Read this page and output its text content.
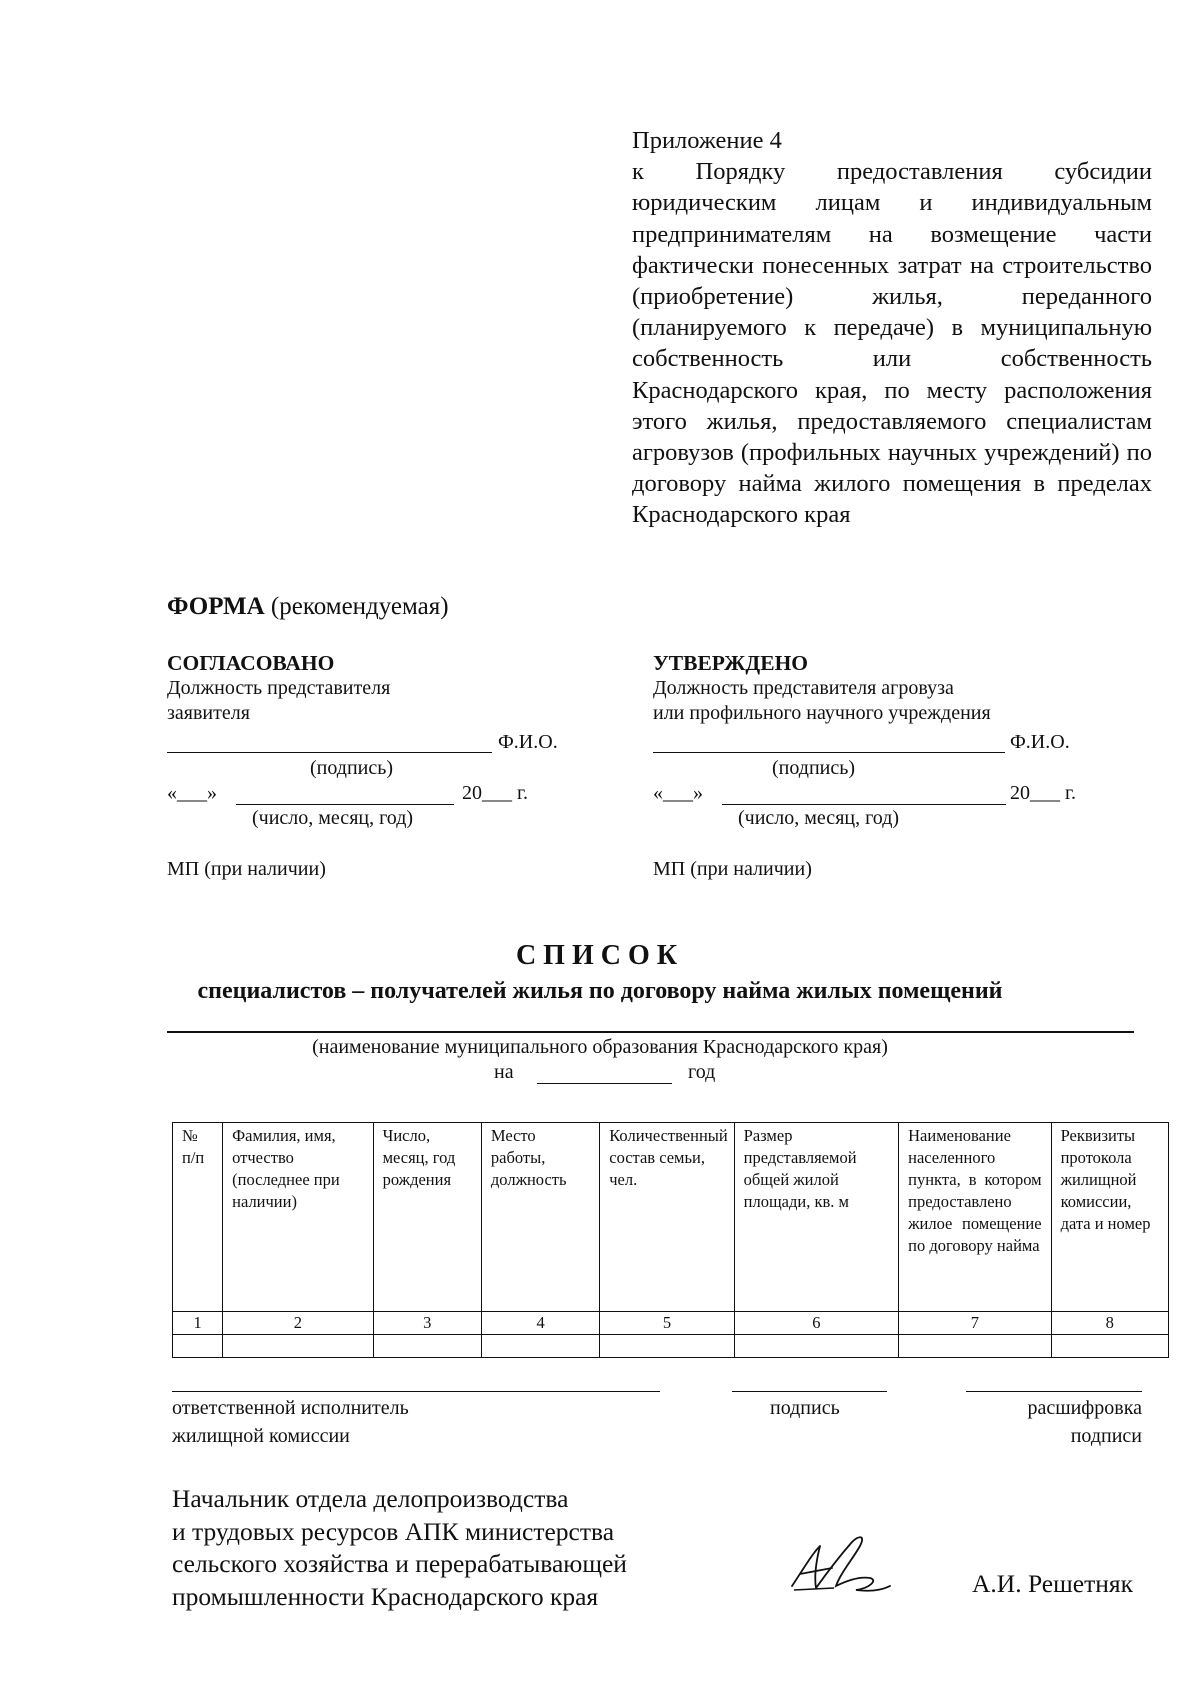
Приложение 4
к Порядку предоставления субсидии юридическим лицам и индивидуальным предпринимателям на возмещение части фактически понесенных затрат на строительство (приобретение) жилья, переданного (планируемого к передаче) в муниципальную собственность или собственность Краснодарского края, по месту расположения этого жилья, предоставляемого специалистам агровузов (профильных научных учреждений) по договору найма жилого помещения в пределах Краснодарского края
ФОРМА (рекомендуемая)
СОГЛАСОВАНО
Должность представителя
заявителя
Ф.И.О.
(подпись)
«___»	20___ г.
(число, месяц, год)
МП (при наличии)
УТВЕРЖДЕНО
Должность представителя агровуза
или профильного научного учреждения
Ф.И.О.
(подпись)
«___»	20___ г.
(число, месяц, год)
МП (при наличии)
СПИСОК
специалистов – получателей жилья по договору найма жилых помещений
(наименование муниципального образования Краснодарского края)
на	год
№ п/п	Фамилия, имя, отчество (последнее при наличии)	Число, месяц, год рождения	Место работы, должность	Количественный состав семьи, чел.	Размер представляемой общей жилой площади, кв. м	Наименование населенного пункта, в котором предоставлено жилое помещение по договору найма	Реквизиты протокола жилищной комиссии, дата и номер
1	2	3	4	5	6	7	8

ответственной исполнитель
жилищной комиссии
подпись	расшифровка
подписи
Начальник отдела делопроизводства
и трудовых ресурсов АПК министерства
сельского хозяйства и перерабатывающей
промышленности Краснодарского края	А.И. Решетняк
